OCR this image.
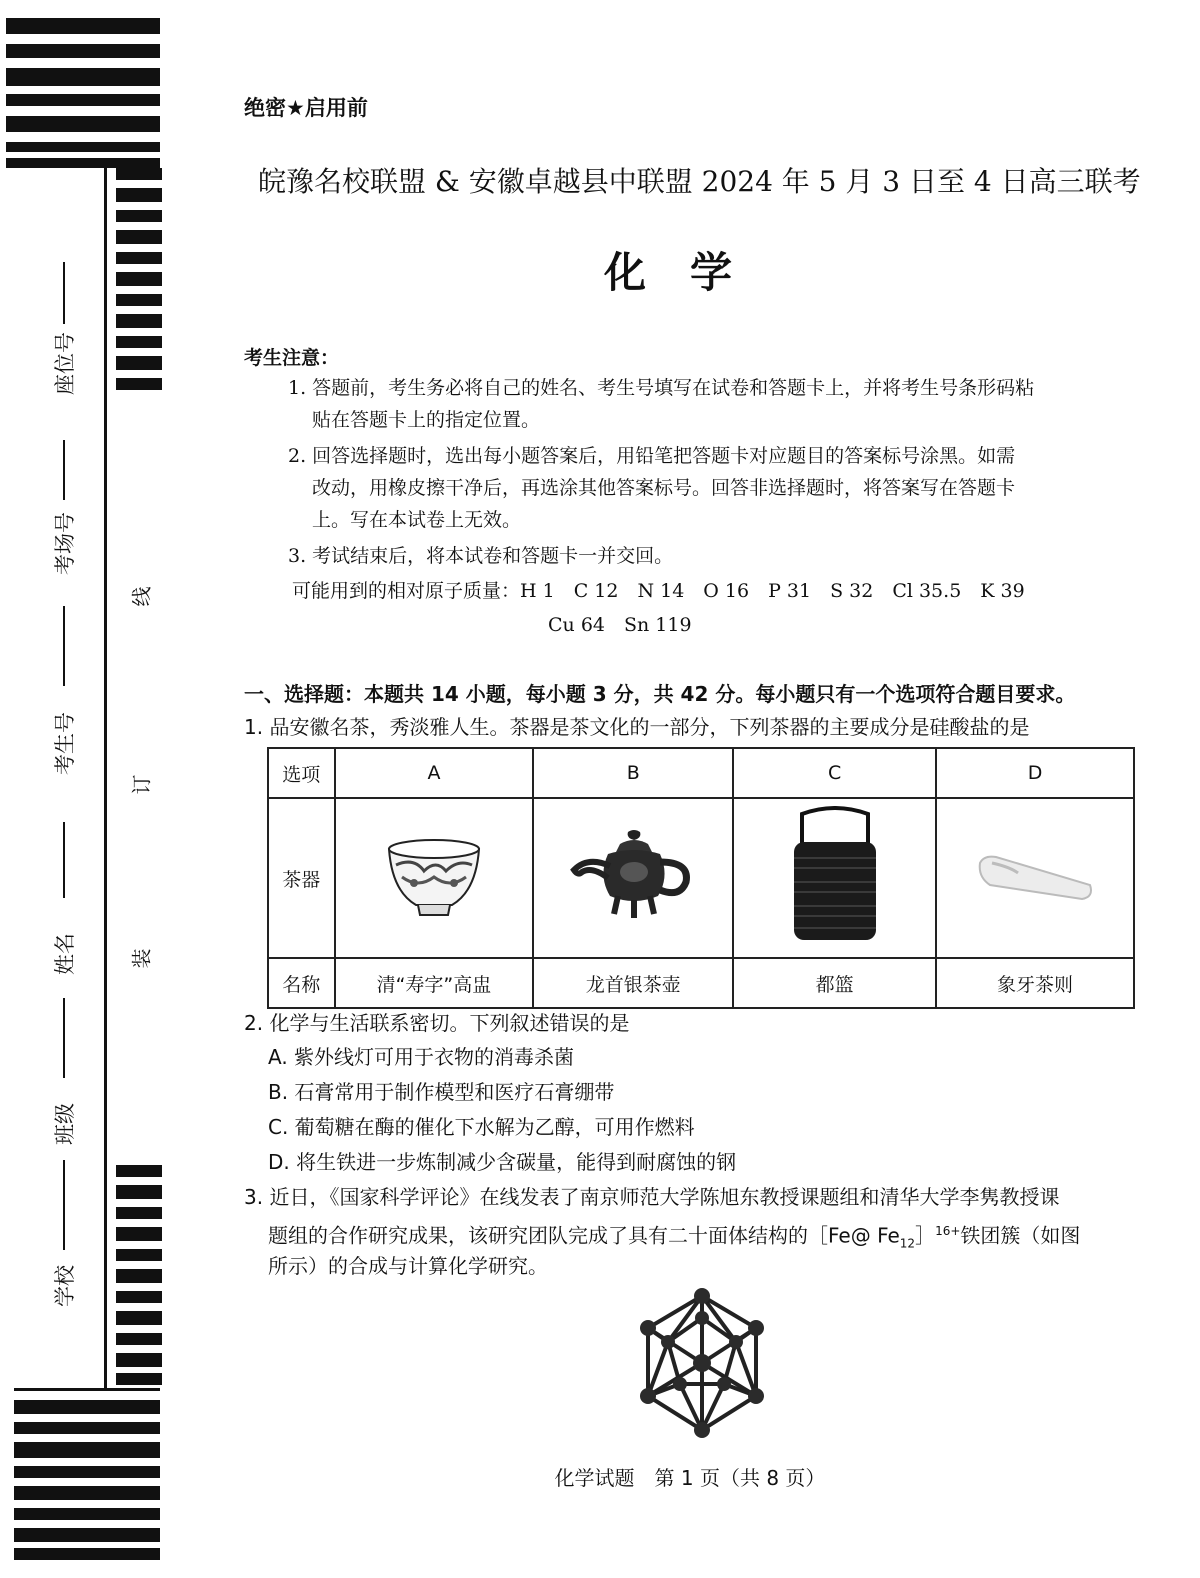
座位号
考场号
考生号
姓名
班级
学校
线
订
装
绝密★启用前
皖豫名校联盟 & 安徽卓越县中联盟 2024 年 5 月 3 日至 4 日高三联考
化学
考生注意：
1. 答题前，考生务必将自己的姓名、考生号填写在试卷和答题卡上，并将考生号条形码粘
贴在答题卡上的指定位置。
2. 回答选择题时，选出每小题答案后，用铅笔把答题卡对应题目的答案标号涂黑。如需
改动，用橡皮擦干净后，再选涂其他答案标号。回答非选择题时，将答案写在答题卡
上。写在本试卷上无效。
3. 考试结束后，将本试卷和答题卡一并交回。
可能用到的相对原子质量：H 1　C 12　N 14　O 16　P 31　S 32　Cl 35.5　K 39
Cu 64　Sn 119
一、选择题：本题共 14 小题，每小题 3 分，共 42 分。每小题只有一个选项符合题目要求。
1. 品安徽名茶，秀淡雅人生。茶器是茶文化的一部分，下列茶器的主要成分是硅酸盐的是
选项	A	B	C	D
茶器				
名称	清“寿字”高盅	龙首银茶壶	都篮	象牙茶则
2. 化学与生活联系密切。下列叙述错误的是
A. 紫外线灯可用于衣物的消毒杀菌
B. 石膏常用于制作模型和医疗石膏绷带
C. 葡萄糖在酶的催化下水解为乙醇，可用作燃料
D. 将生铁进一步炼制减少含碳量，能得到耐腐蚀的钢
3. 近日，《国家科学评论》在线发表了南京师范大学陈旭东教授课题组和清华大学李隽教授课
题组的合作研究成果，该研究团队完成了具有二十面体结构的［Fe@ $Fe_{12}]^{16+}$铁团簇（如图
所示）的合成与计算化学研究。
化学试题　第 1 页（共 8 页）
